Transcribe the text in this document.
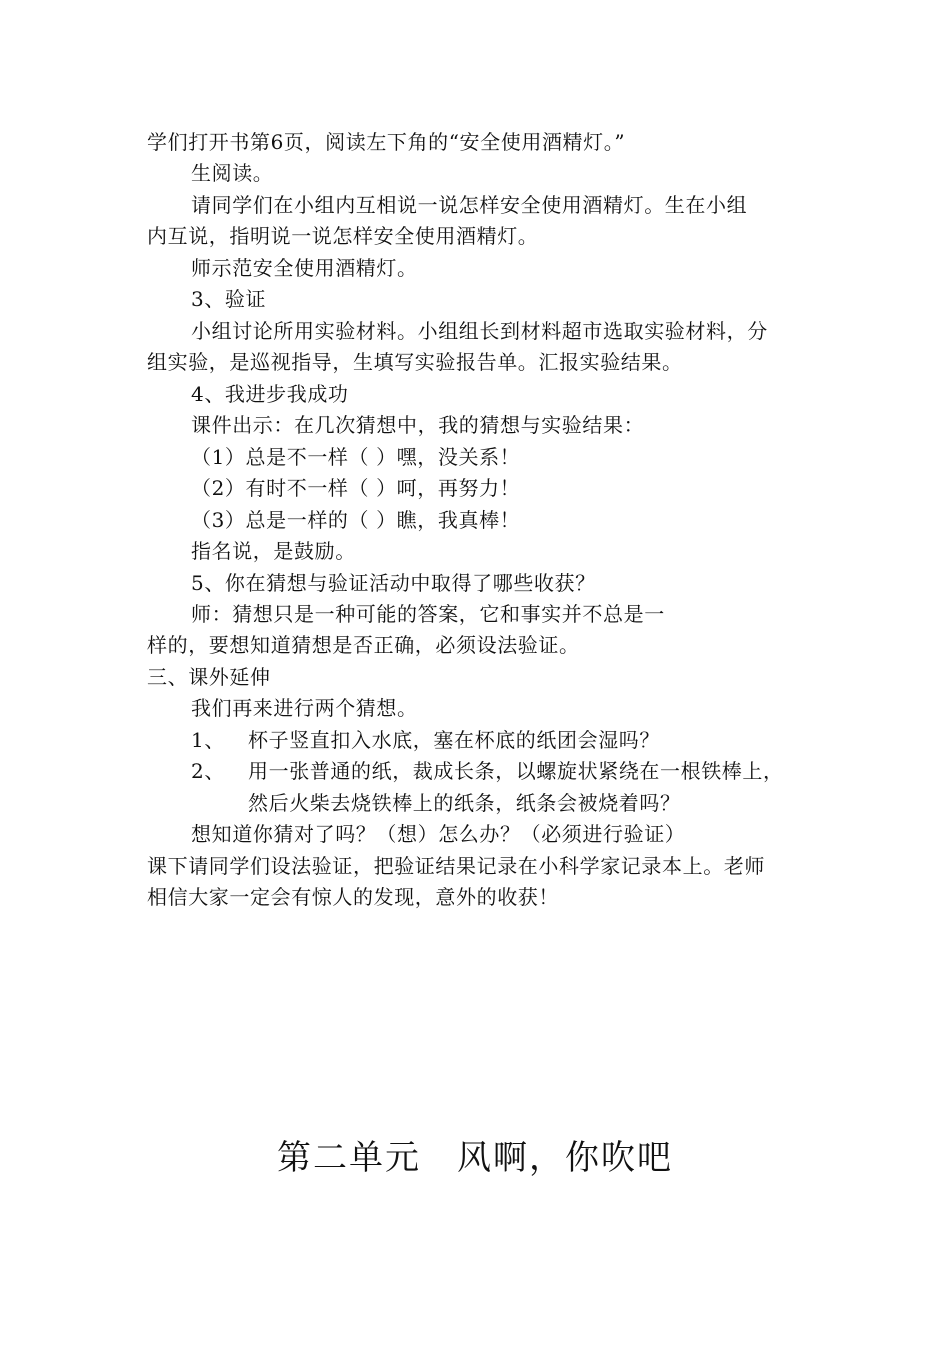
学们打开书第6页，阅读左下角的“安全使用酒精灯。”
生阅读。
请同学们在小组内互相说一说怎样安全使用酒精灯。生在小组
内互说，指明说一说怎样安全使用酒精灯。
师示范安全使用酒精灯。
3、验证
小组讨论所用实验材料。小组组长到材料超市选取实验材料，分
组实验，是巡视指导，生填写实验报告单。汇报实验结果。
4、我进步我成功
课件出示：在几次猜想中，我的猜想与实验结果：
（1）总是不一样（ ）嘿，没关系！
（2）有时不一样（ ）呵，再努力！
（3）总是一样的（ ）瞧，我真棒！
指名说，是鼓励。
5、你在猜想与验证活动中取得了哪些收获？
师：猜想只是一种可能的答案，它和事实并不总是一
样的，要想知道猜想是否正确，必须设法验证。
三、课外延伸
我们再来进行两个猜想。
1、 杯子竖直扣入水底，塞在杯底的纸团会湿吗？
2、 用一张普通的纸，裁成长条，以螺旋状紧绕在一根铁棒上，
然后火柴去烧铁棒上的纸条，纸条会被烧着吗？
想知道你猜对了吗？（想）怎么办？（必须进行验证）
课下请同学们设法验证，把验证结果记录在小科学家记录本上。老师
相信大家一定会有惊人的发现，意外的收获！
第二单元　风啊，你吹吧
